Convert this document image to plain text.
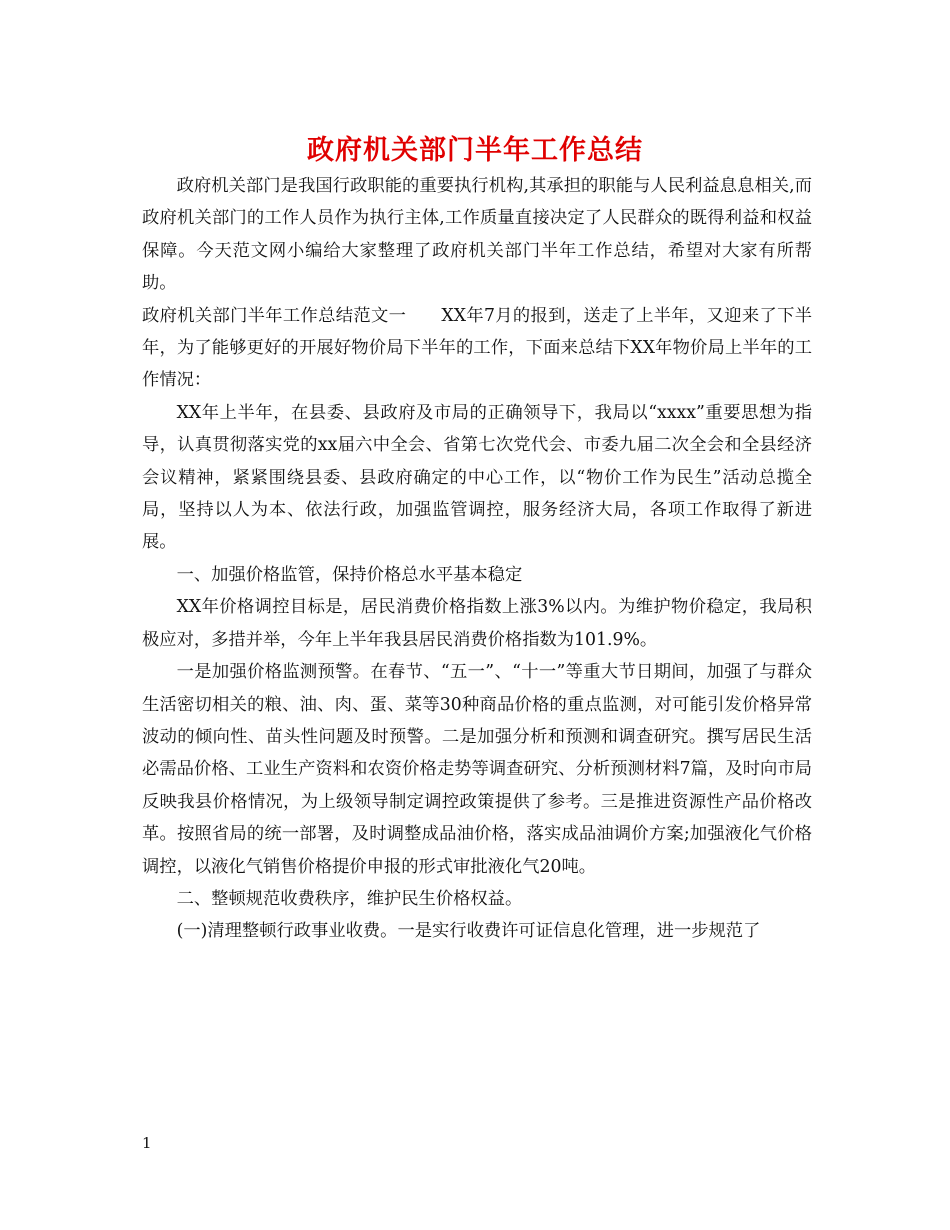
政府机关部门半年工作总结

政府机关部门是我国行政职能的重要执行机构,其承担的职能与人民利益息息相关,而政府机关部门的工作人员作为执行主体,工作质量直接决定了人民群众的既得利益和权益保障。今天范文网小编给大家整理了政府机关部门半年工作总结，希望对大家有所帮助。

政府机关部门半年工作总结范文一　　XX年7月的报到，送走了上半年，又迎来了下半年，为了能够更好的开展好物价局下半年的工作，下面来总结下XX年物价局上半年的工作情况：

XX年上半年，在县委、县政府及市局的正确领导下，我局以“xxxx”重要思想为指导，认真贯彻落实党的xx届六中全会、省第七次党代会、市委九届二次全会和全县经济会议精神，紧紧围绕县委、县政府确定的中心工作，以“物价工作为民生”活动总揽全局，坚持以人为本、依法行政，加强监管调控，服务经济大局，各项工作取得了新进展。

一、加强价格监管，保持价格总水平基本稳定

XX年价格调控目标是，居民消费价格指数上涨3%以内。为维护物价稳定，我局积极应对，多措并举，今年上半年我县居民消费价格指数为101.9%。

一是加强价格监测预警。在春节、“五一”、“十一”等重大节日期间，加强了与群众生活密切相关的粮、油、肉、蛋、菜等30种商品价格的重点监测，对可能引发价格异常波动的倾向性、苗头性问题及时预警。二是加强分析和预测和调查研究。撰写居民生活必需品价格、工业生产资料和农资价格走势等调查研究、分析预测材料7篇，及时向市局反映我县价格情况，为上级领导制定调控政策提供了参考。三是推进资源性产品价格改革。按照省局的统一部署，及时调整成品油价格，落实成品油调价方案;加强液化气价格调控，以液化气销售价格提价申报的形式审批液化气20吨。

二、整顿规范收费秩序，维护民生价格权益。

(一)清理整顿行政事业收费。一是实行收费许可证信息化管理，进一步规范了

1
